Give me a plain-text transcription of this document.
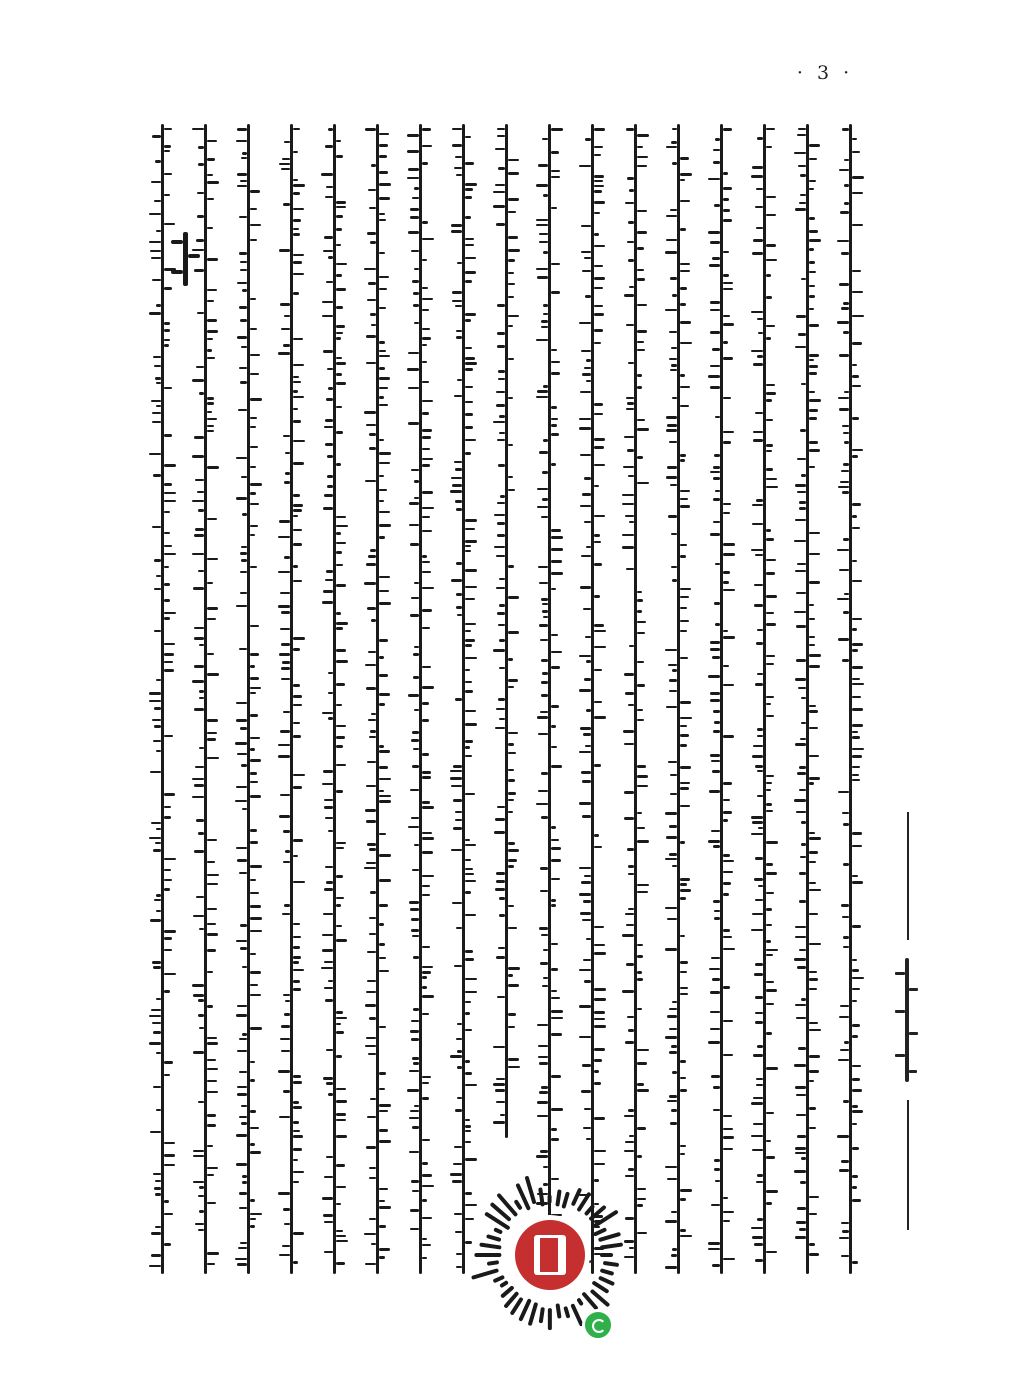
· 3 ·
